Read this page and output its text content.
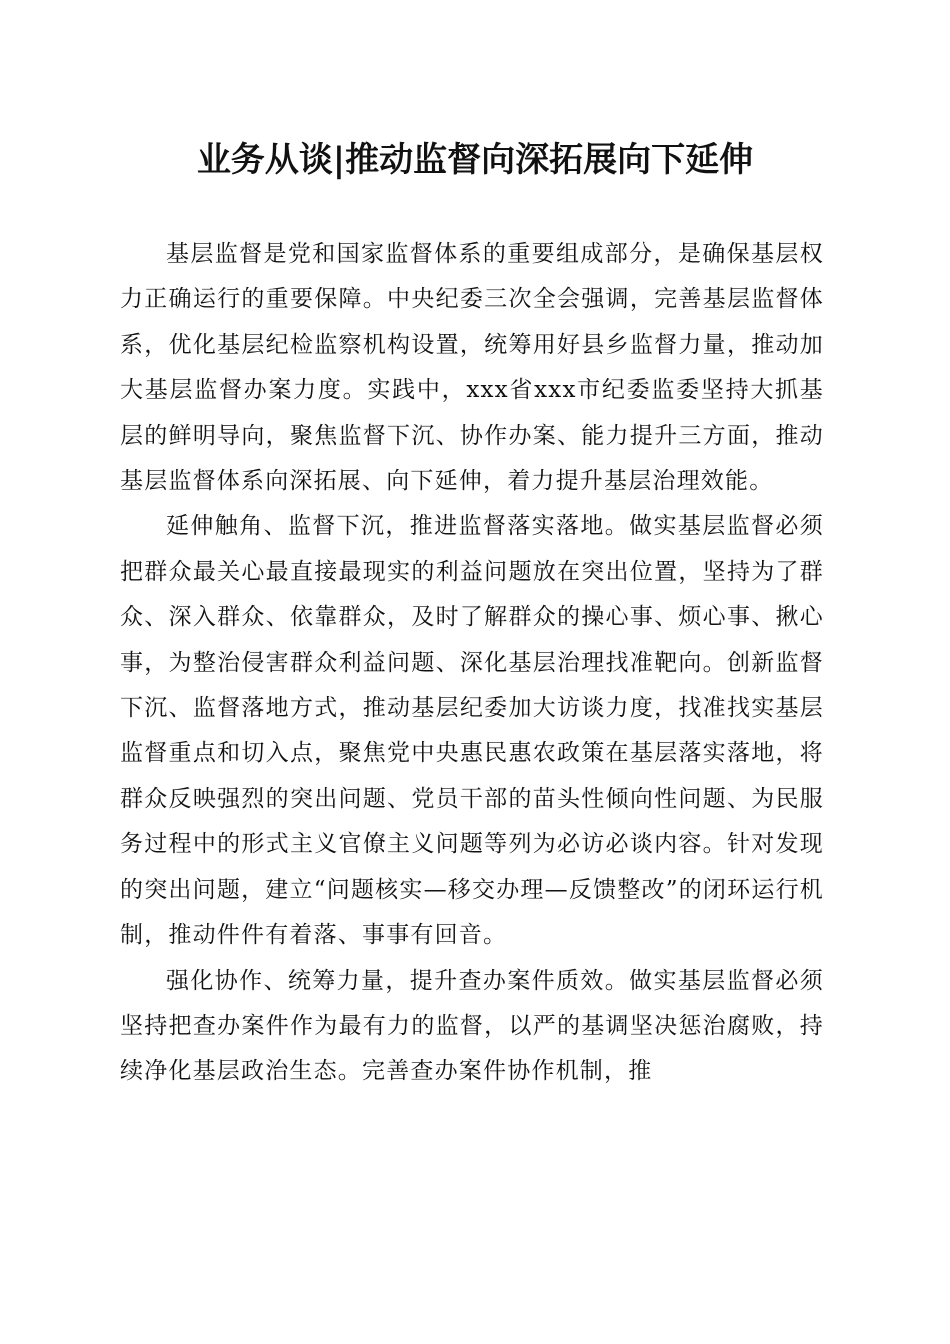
业务从谈|推动监督向深拓展向下延伸

基层监督是党和国家监督体系的重要组成部分，是确保基层权力正确运行的重要保障。中央纪委三次全会强调，完善基层监督体系，优化基层纪检监察机构设置，统筹用好县乡监督力量，推动加大基层监督办案力度。实践中，xxx省xxx市纪委监委坚持大抓基层的鲜明导向，聚焦监督下沉、协作办案、能力提升三方面，推动基层监督体系向深拓展、向下延伸，着力提升基层治理效能。

延伸触角、监督下沉，推进监督落实落地。做实基层监督必须把群众最关心最直接最现实的利益问题放在突出位置，坚持为了群众、深入群众、依靠群众，及时了解群众的操心事、烦心事、揪心事，为整治侵害群众利益问题、深化基层治理找准靶向。创新监督下沉、监督落地方式，推动基层纪委加大访谈力度，找准找实基层监督重点和切入点，聚焦党中央惠民惠农政策在基层落实落地，将群众反映强烈的突出问题、党员干部的苗头性倾向性问题、为民服务过程中的形式主义官僚主义问题等列为必访必谈内容。针对发现的突出问题，建立“问题核实—移交办理—反馈整改”的闭环运行机制，推动件件有着落、事事有回音。

强化协作、统筹力量，提升查办案件质效。做实基层监督必须坚持把查办案件作为最有力的监督，以严的基调坚决惩治腐败，持续净化基层政治生态。完善查办案件协作机制，推
